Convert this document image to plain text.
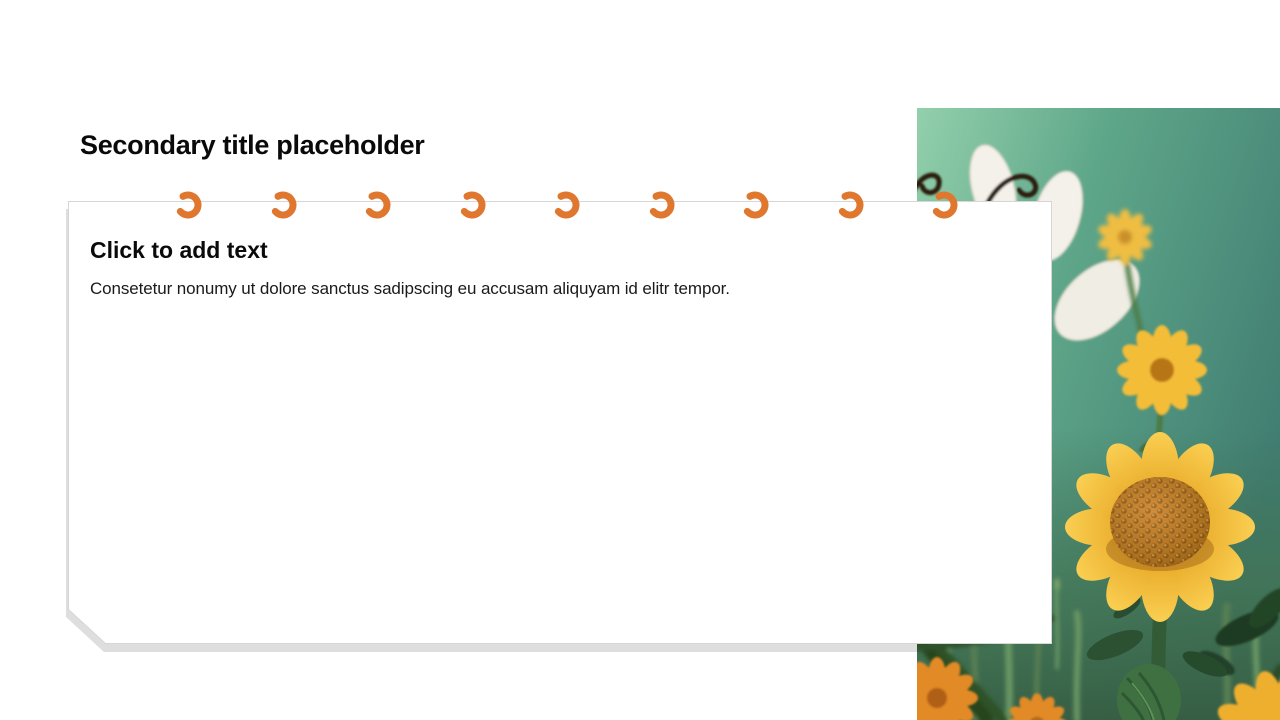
Secondary title placeholder

Click to add text

Consetetur nonumy ut dolore sanctus sadipscing eu accusam aliquyam id elitr tempor.
